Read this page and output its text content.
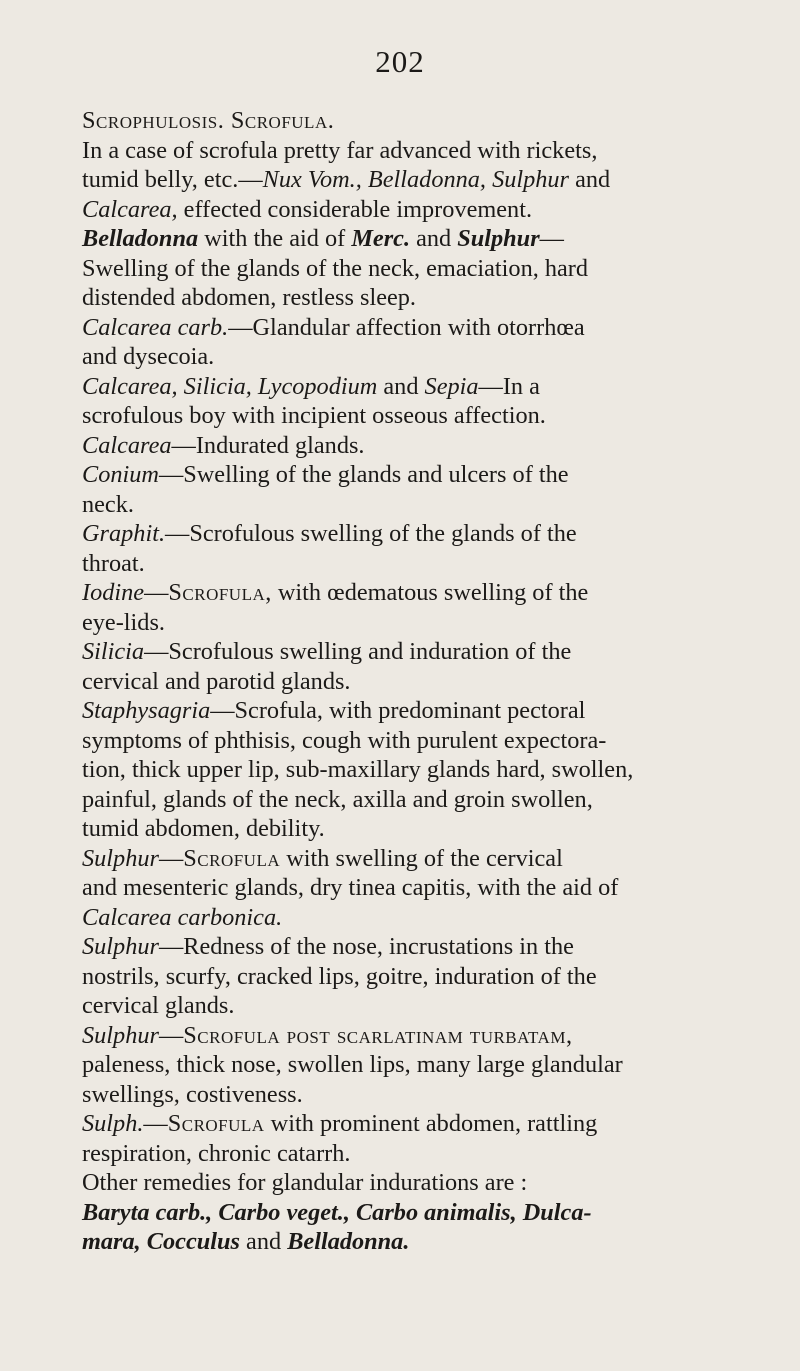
202
Scrophulosis. Scrofula.
In a case of scrofula pretty far advanced with rickets,
tumid belly, etc.—Nux Vom., Belladonna, Sulphur and
Calcarea, effected considerable improvement.
Belladonna with the aid of Merc. and Sulphur—
Swelling of the glands of the neck, emaciation, hard
distended abdomen, restless sleep.
Calcarea carb.—Glandular affection with otorrhœa
and dysecoia.
Calcarea, Silicia, Lycopodium and Sepia—In a
scrofulous boy with incipient osseous affection.
Calcarea—Indurated glands.
Conium—Swelling of the glands and ulcers of the
neck.
Graphit.—Scrofulous swelling of the glands of the
throat.
Iodine—Scrofula, with œdematous swelling of the
eye-lids.
Silicia—Scrofulous swelling and induration of the
cervical and parotid glands.
Staphysagria—Scrofula, with predominant pectoral
symptoms of phthisis, cough with purulent expectora-
tion, thick upper lip, sub-maxillary glands hard, swollen,
painful, glands of the neck, axilla and groin swollen,
tumid abdomen, debility.
Sulphur—Scrofula with swelling of the cervical
and mesenteric glands, dry tinea capitis, with the aid of
Calcarea carbonica.
Sulphur—Redness of the nose, incrustations in the
nostrils, scurfy, cracked lips, goitre, induration of the
cervical glands.
Sulphur—Scrofula post scarlatinam turbatam,
paleness, thick nose, swollen lips, many large glandular
swellings, costiveness.
Sulph.—Scrofula with prominent abdomen, rattling
respiration, chronic catarrh.
Other remedies for glandular indurations are :
Baryta carb., Carbo veget., Carbo animalis, Dulca-
mara, Cocculus and Belladonna.
